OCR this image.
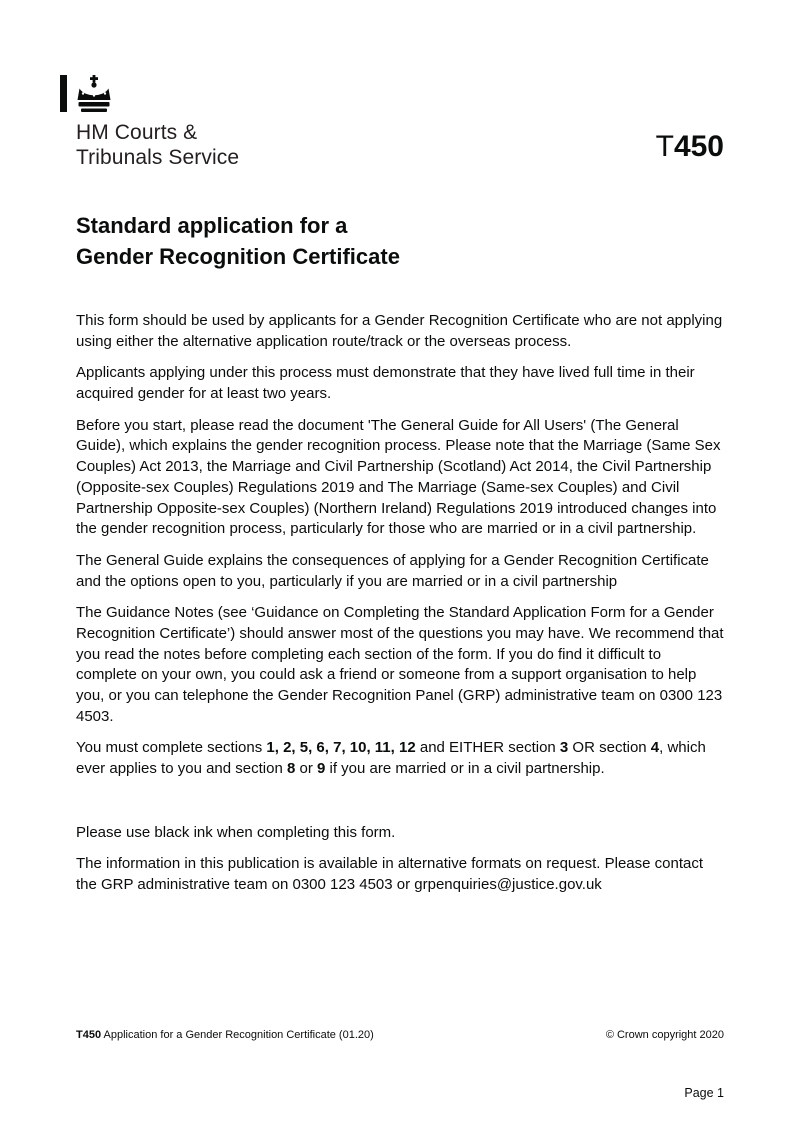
HM Courts &
Tribunals Service	T450
Standard application for a
Gender Recognition Certificate

This form should be used by applicants for a Gender Recognition Certificate who are not applying using either the alternative application route/track or the overseas process.

Applicants applying under this process must demonstrate that they have lived full time in their acquired gender for at least two years.

Before you start, please read the document 'The General Guide for All Users' (The General Guide), which explains the gender recognition process. Please note that the Marriage (Same Sex Couples) Act 2013, the Marriage and Civil Partnership (Scotland) Act 2014, the Civil Partnership (Opposite-sex Couples) Regulations 2019 and The Marriage (Same-sex Couples) and Civil Partnership Opposite-sex Couples) (Northern Ireland) Regulations 2019 introduced changes into the gender recognition process, particularly for those who are married or in a civil partnership.

The General Guide explains the consequences of applying for a Gender Recognition Certificate and the options open to you, particularly if you are married or in a civil partnership

The Guidance Notes (see ‘Guidance on Completing the Standard Application Form for a Gender Recognition Certificate’) should answer most of the questions you may have. We recommend that you read the notes before completing each section of the form. If you do find it difficult to complete on your own, you could ask a friend or someone from a support organisation to help you, or you can telephone the Gender Recognition Panel (GRP) administrative team on 0300 123 4503.

You must complete sections 1, 2, 5, 6, 7, 10, 11, 12 and EITHER section 3 OR section 4, which ever applies to you and section 8 or 9 if you are married or in a civil partnership.

Please use black ink when completing this form.

The information in this publication is available in alternative formats on request. Please contact the GRP administrative team on 0300 123 4503 or grpenquiries@justice.gov.uk

T450 Application for a Gender Recognition Certificate (01.20)	© Crown copyright 2020
Page 1
